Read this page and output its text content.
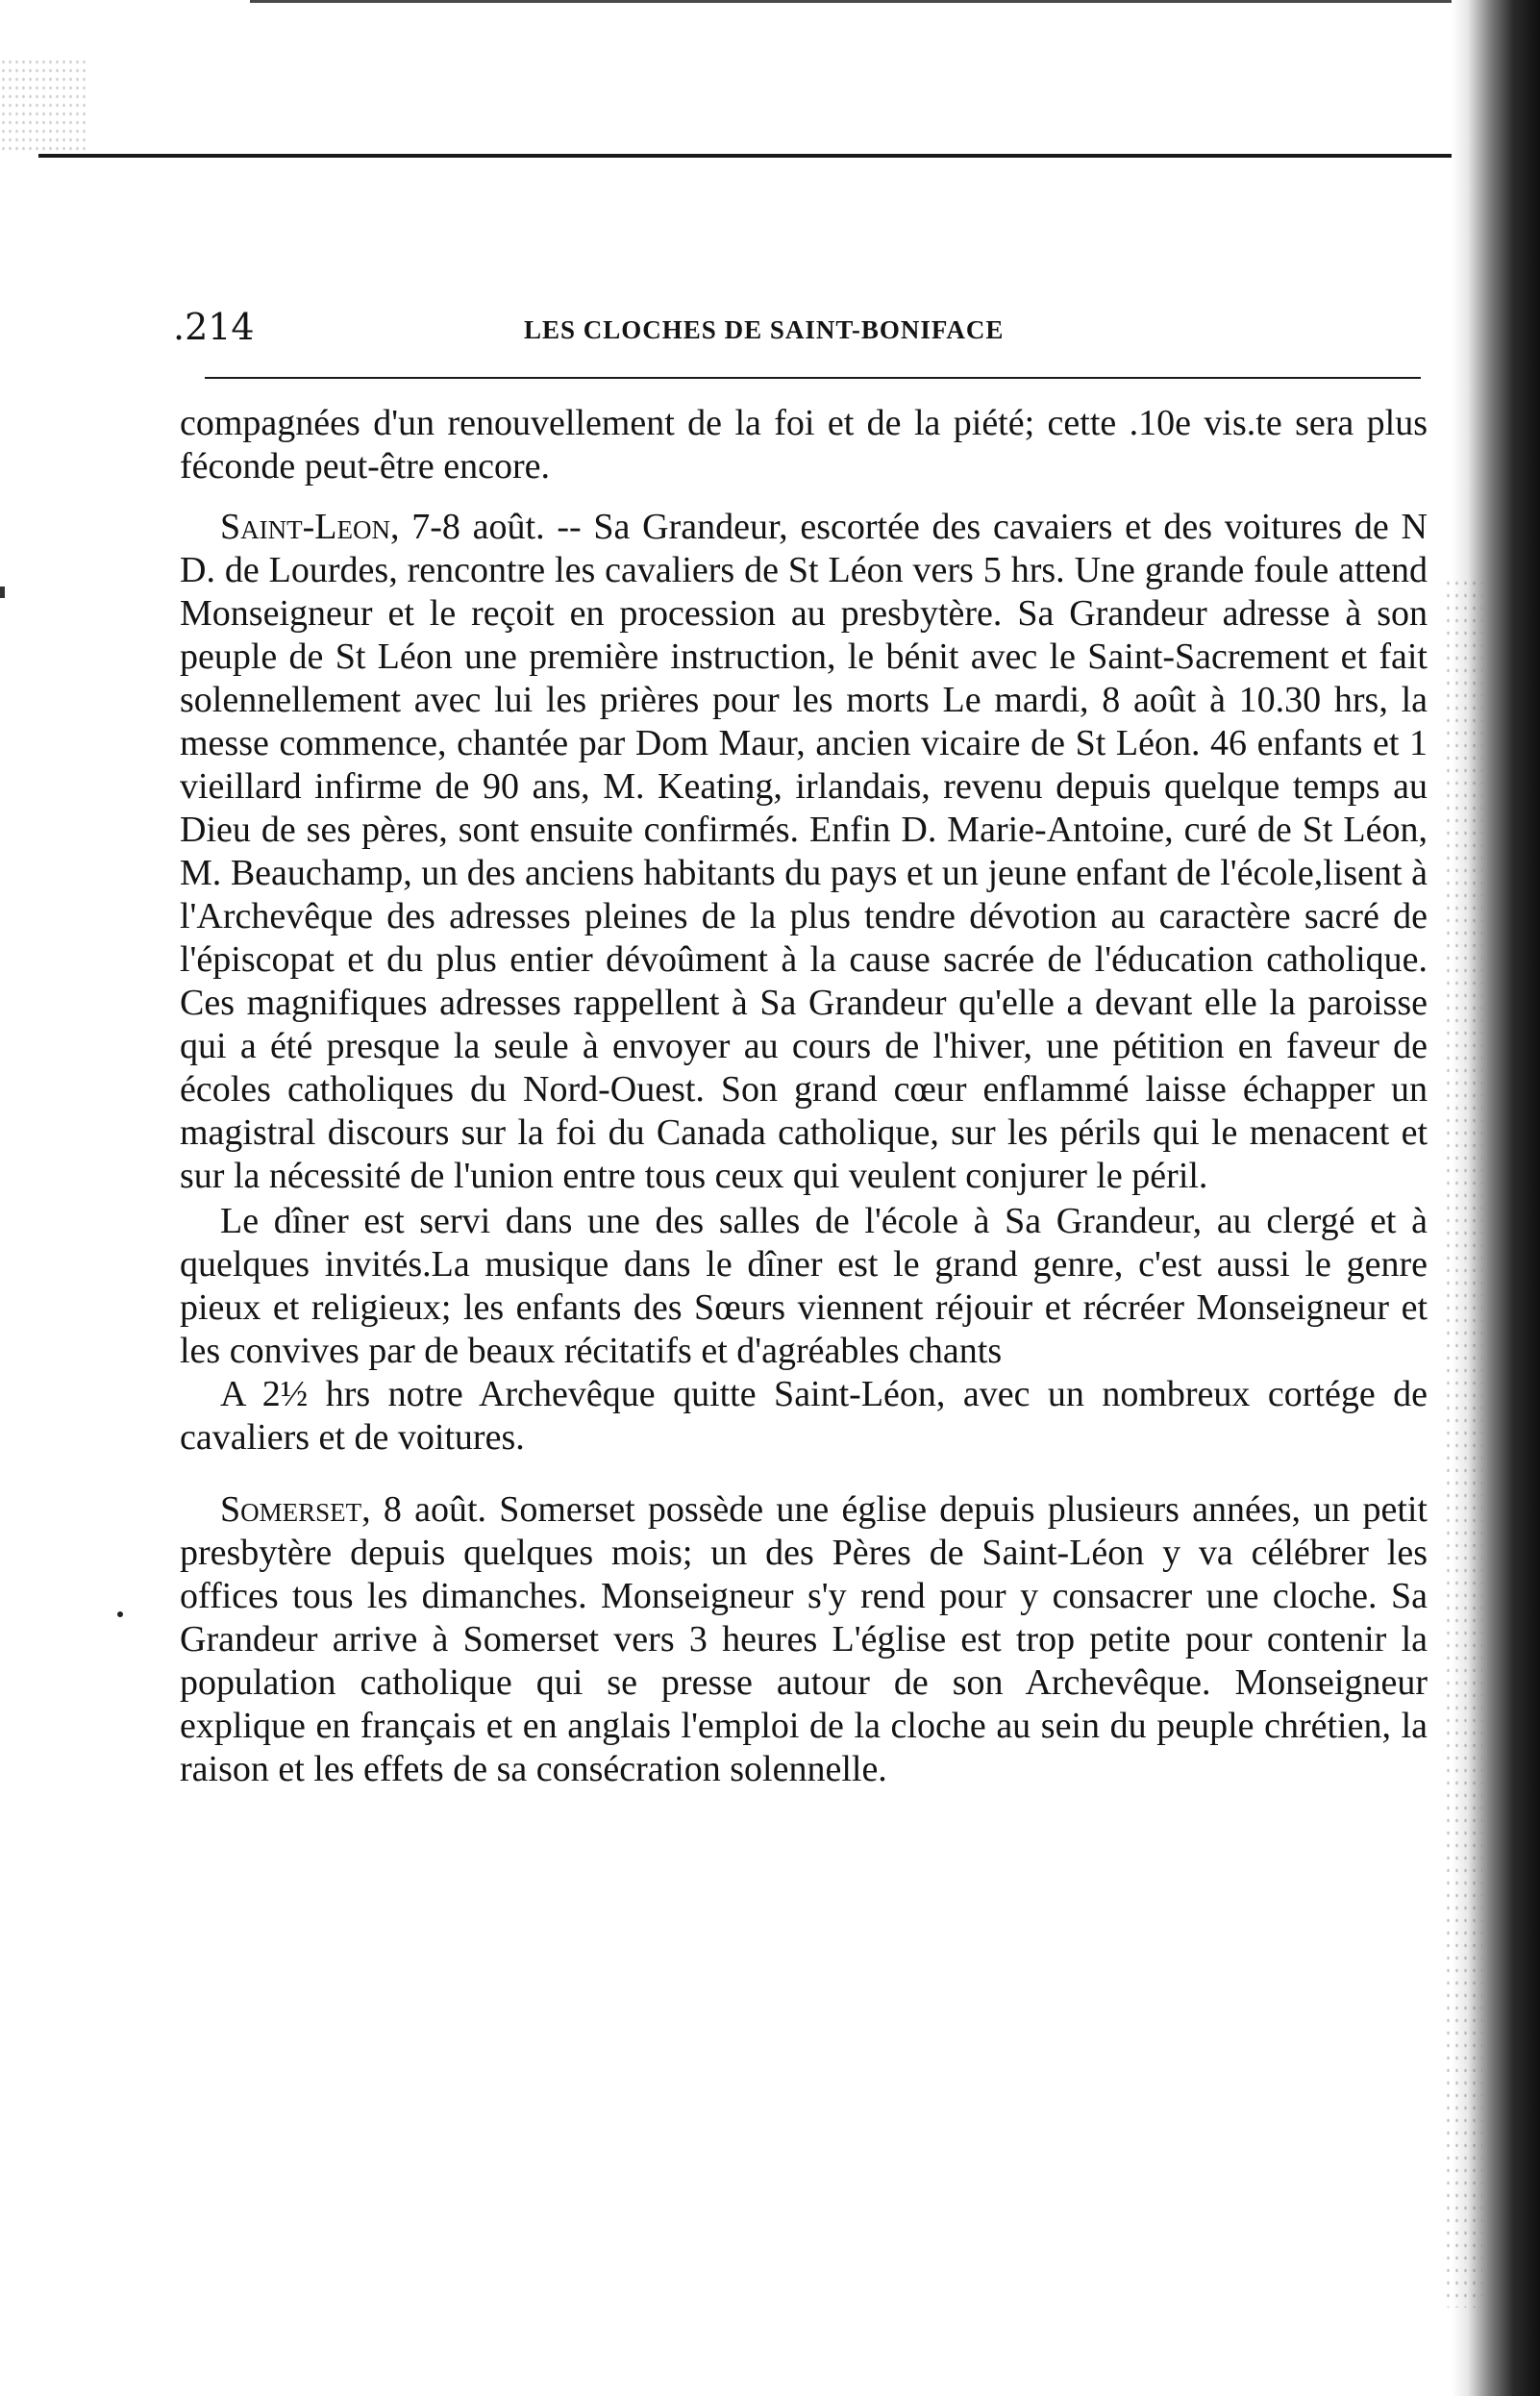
.214	LES CLOCHES DE SAINT-BONIFACE

compagnées d'un renouvellement de la foi et de la piété; cette .10e vis.te sera plus féconde peut-être encore.

Saint-Leon, 7-8 août. -- Sa Grandeur, escortée des cavaiers et des voitures de N D. de Lourdes, rencontre les cavaliers de St Léon vers 5 hrs. Une grande foule attend Monseigneur et le reçoit en procession au presbytère. Sa Grandeur adresse à son peuple de St Léon une première instruction, le bénit avec le Saint-Sacrement et fait solennellement avec lui les prières pour les morts Le mardi, 8 août à 10.30 hrs, la messe commence, chantée par Dom Maur, ancien vicaire de St Léon. 46 enfants et 1 vieillard infirme de 90 ans, M. Keating, irlandais, revenu depuis quelque temps au Dieu de ses pères, sont ensuite confirmés. Enfin D. Marie-Antoine, curé de St Léon, M. Beauchamp, un des anciens habitants du pays et un jeune enfant de l'école,lisent à l'Archevêque des adresses pleines de la plus tendre dévotion au caractère sacré de l'épiscopat et du plus entier dévoûment à la cause sacrée de l'éducation catholique. Ces magnifiques adresses rappellent à Sa Grandeur qu'elle a devant elle la paroisse qui a été presque la seule à envoyer au cours de l'hiver, une pétition en faveur de écoles catholiques du Nord-Ouest. Son grand cœur enflammé laisse échapper un magistral discours sur la foi du Canada catholique, sur les périls qui le menacent et sur la nécessité de l'union entre tous ceux qui veulent conjurer le péril.

Le dîner est servi dans une des salles de l'école à Sa Grandeur, au clergé et à quelques invités.La musique dans le dîner est le grand genre, c'est aussi le genre pieux et religieux; les enfants des Sœurs viennent réjouir et récréer Monseigneur et les convives par de beaux récitatifs et d'agréables chants

A 2½ hrs notre Archevêque quitte Saint-Léon, avec un nombreux cortége de cavaliers et de voitures.

Somerset, 8 août. Somerset possède une église depuis plusieurs années, un petit presbytère depuis quelques mois; un des Pères de Saint-Léon y va célébrer les offices tous les dimanches. Monseigneur s'y rend pour y consacrer une cloche. Sa Grandeur arrive à Somerset vers 3 heures L'église est trop petite pour contenir la population catholique qui se presse autour de son Archevêque. Monseigneur explique en français et en anglais l'emploi de la cloche au sein du peuple chrétien, la raison et les effets de sa consécration solennelle.
